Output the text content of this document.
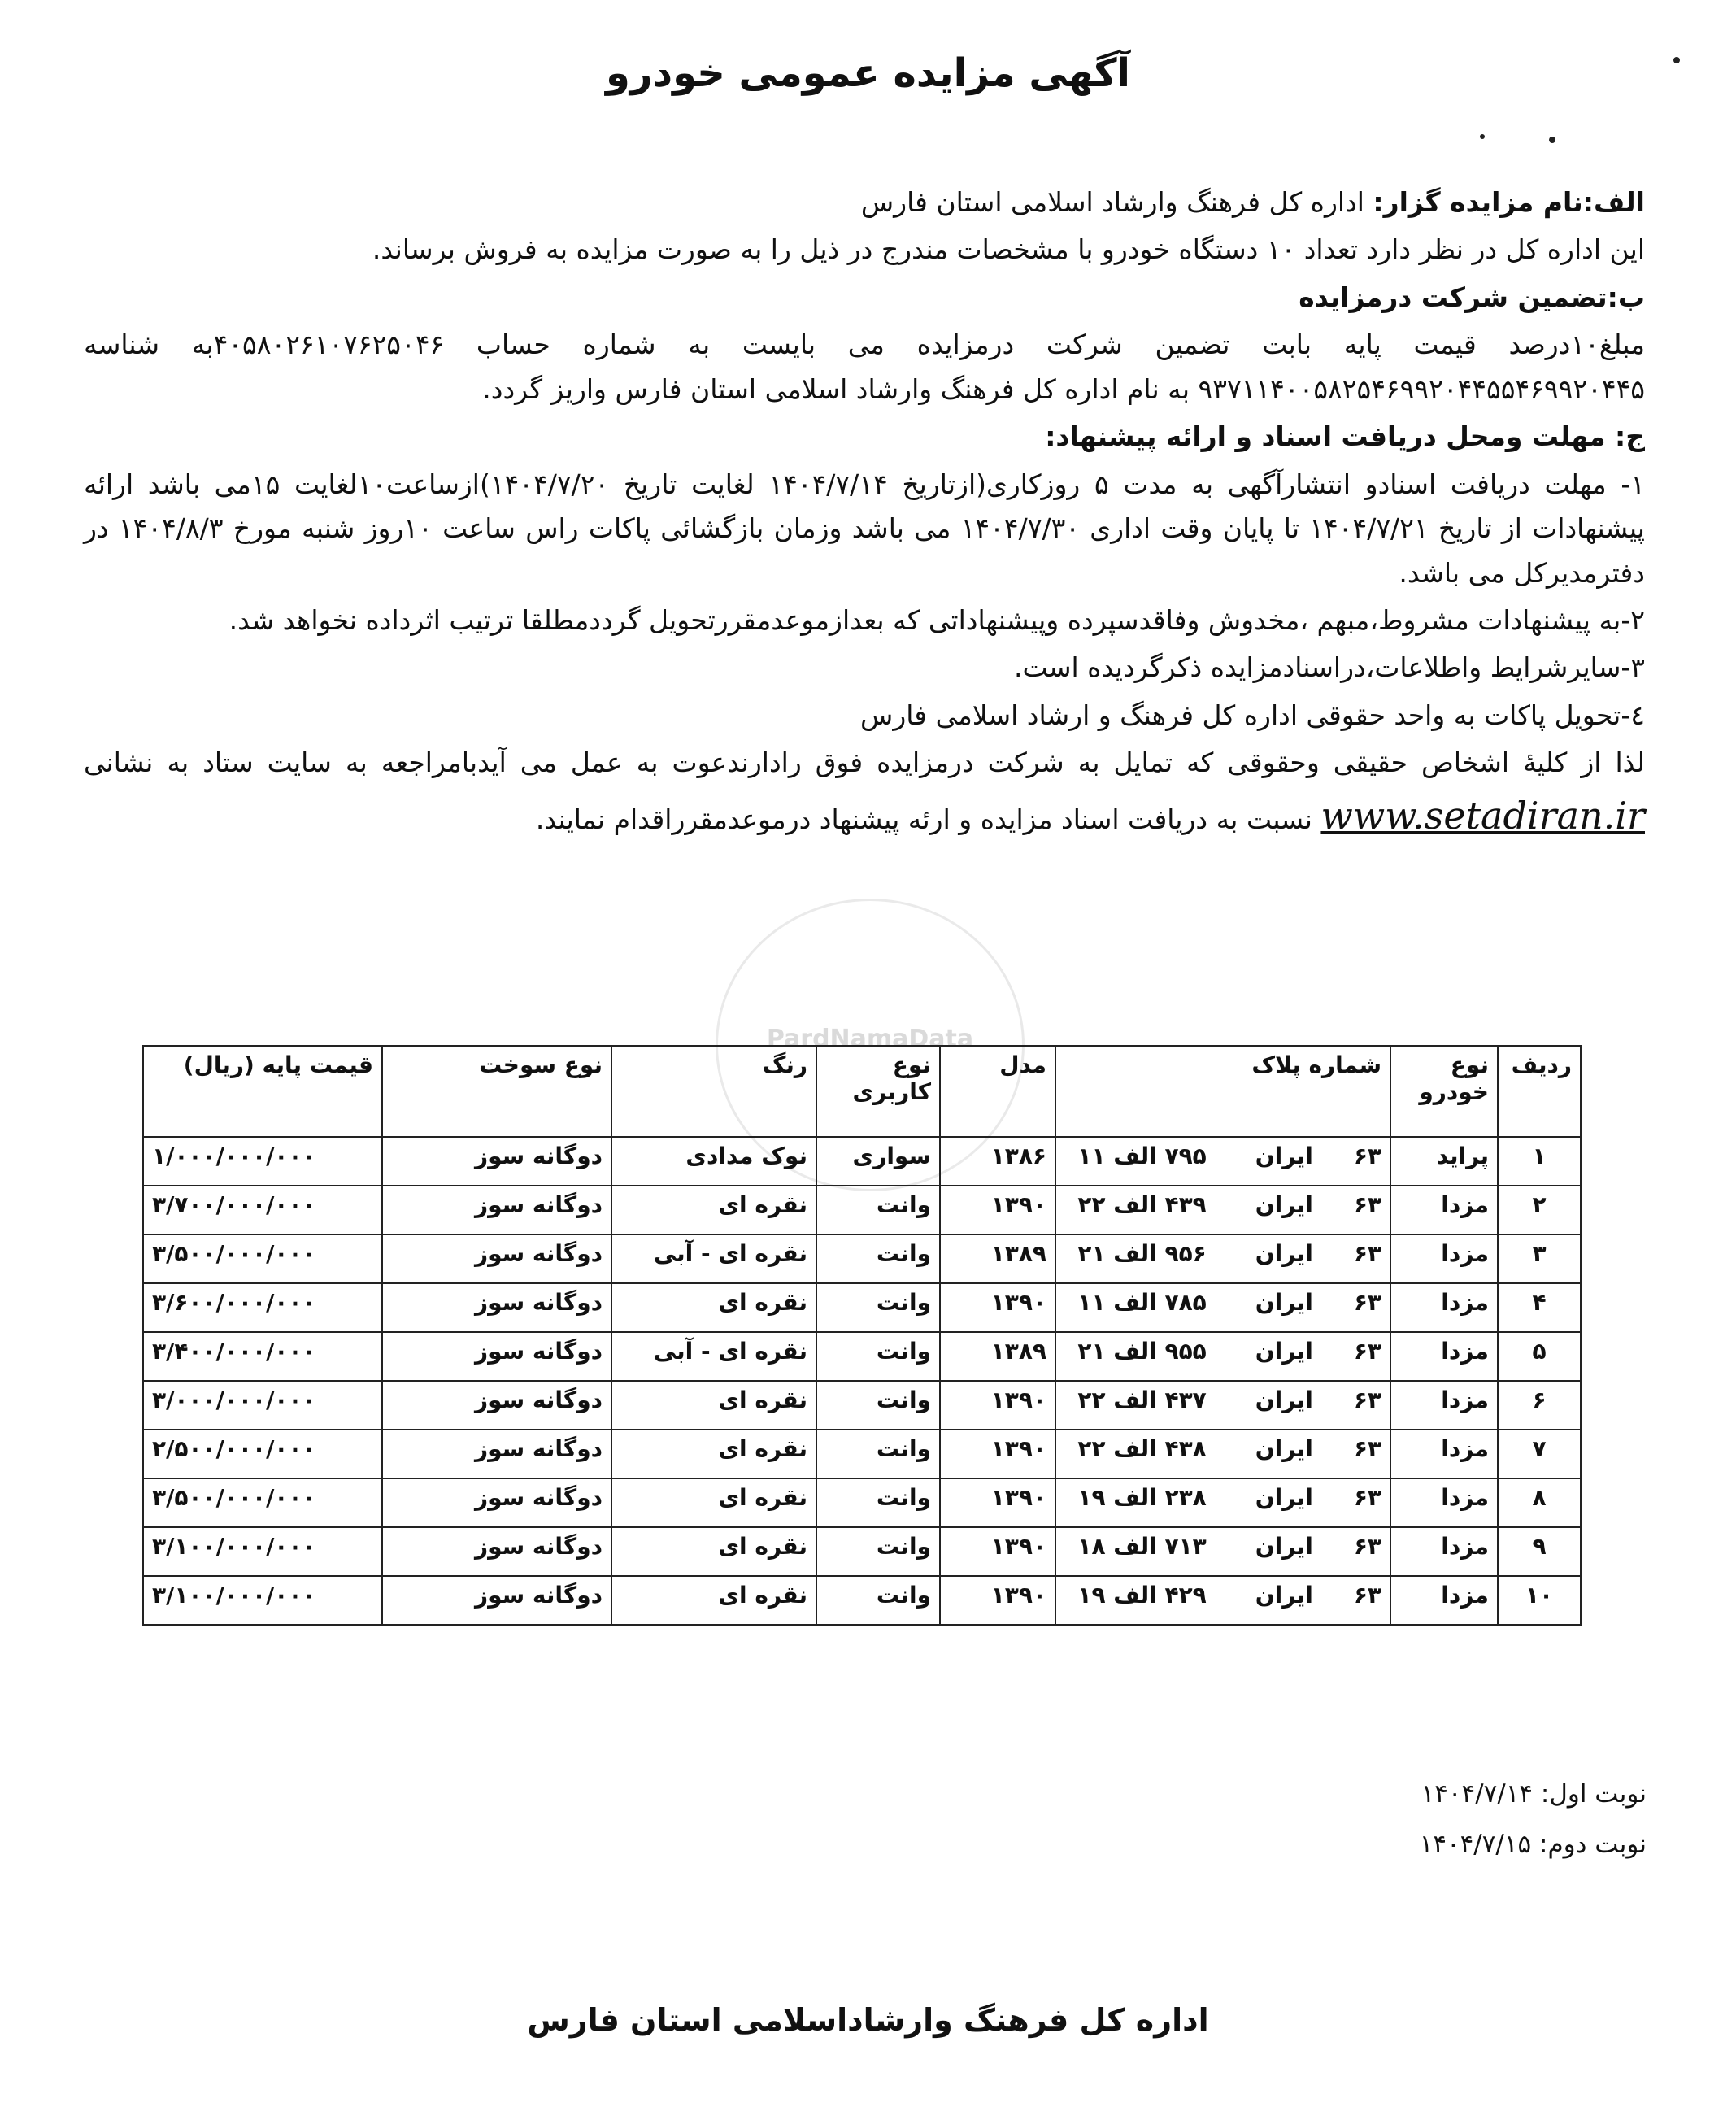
آگهی مزایده عمومی خودرو
PardNamaData

الف:نام مزایده گزار: اداره کل فرهنگ وارشاد اسلامی استان فارس

این اداره کل در نظر دارد تعداد ۱۰ دستگاه خودرو با مشخصات مندرج در ذیل را به صورت مزایده به فروش برساند.

ب:تضمین شرکت درمزایده

مبلغ۱۰درصد قیمت پایه بابت تضمین شرکت درمزایده می بایست به شماره حساب ۴۰۵۸۰۲۶۱۰۷۶۲۵۰۴۶به شناسه ۹۳۷۱۱۴۰۰۵۸۲۵۴۶۹۹۲۰۴۴۵۵۴۶۹۹۲۰۴۴۵ به نام اداره کل فرهنگ وارشاد اسلامی استان فارس واریز گردد.

ج: مهلت ومحل دریافت اسناد و ارائه پیشنهاد:

۱- مهلت دریافت اسنادو انتشارآگهی به مدت ۵ روزکاری(ازتاریخ ۱۴۰۴/۷/۱۴ لغایت تاریخ ۱۴۰۴/۷/۲۰)ازساعت۱۰لغایت ۱۵می باشد ارائه پیشنهادات از تاریخ ۱۴۰۴/۷/۲۱ تا پایان وقت اداری ۱۴۰۴/۷/۳۰ می باشد وزمان بازگشائی پاکات راس ساعت ۱۰روز شنبه مورخ ۱۴۰۴/۸/۳ در دفترمدیرکل می باشد.

۲-به پیشنهادات مشروط،مبهم ،مخدوش وفاقدسپرده وپیشنهاداتی که بعدازموعدمقررتحویل گرددمطلقا ترتیب اثرداده نخواهد شد.

۳-سایرشرایط واطلاعات،دراسنادمزایده ذکرگردیده است.

٤-تحویل پاکات به واحد حقوقی اداره کل فرهنگ و ارشاد اسلامی فارس

لذا از کلیهٔ اشخاص حقیقی وحقوقی که تمایل به شرکت درمزایده فوق رادارندعوت به عمل می آیدبامراجعه به سایت ستاد به نشانی www.setadiran.ir نسبت به دریافت اسناد مزایده و ارئه پیشنهاد درموعدمقرراقدام نمایند.

ردیف	نوع خودرو	شماره پلاک	مدل	نوع کاربری	رنگ	نوع سوخت	قیمت پایه (ریال)
۱	پراید	۶۳ایران۷۹۵ الف ۱۱	۱۳۸۶	سواری	نوک مدادی	دوگانه سوز	۱/۰۰۰/۰۰۰/۰۰۰
۲	مزدا	۶۳ایران۴۳۹ الف ۲۲	۱۳۹۰	وانت	نقره ای	دوگانه سوز	۳/۷۰۰/۰۰۰/۰۰۰
۳	مزدا	۶۳ایران۹۵۶ الف ۲۱	۱۳۸۹	وانت	نقره ای - آبی	دوگانه سوز	۳/۵۰۰/۰۰۰/۰۰۰
۴	مزدا	۶۳ایران۷۸۵ الف ۱۱	۱۳۹۰	وانت	نقره ای	دوگانه سوز	۳/۶۰۰/۰۰۰/۰۰۰
۵	مزدا	۶۳ایران۹۵۵ الف ۲۱	۱۳۸۹	وانت	نقره ای - آبی	دوگانه سوز	۳/۴۰۰/۰۰۰/۰۰۰
۶	مزدا	۶۳ایران۴۳۷ الف ۲۲	۱۳۹۰	وانت	نقره ای	دوگانه سوز	۳/۰۰۰/۰۰۰/۰۰۰
۷	مزدا	۶۳ایران۴۳۸ الف ۲۲	۱۳۹۰	وانت	نقره ای	دوگانه سوز	۲/۵۰۰/۰۰۰/۰۰۰
۸	مزدا	۶۳ایران۲۳۸ الف ۱۹	۱۳۹۰	وانت	نقره ای	دوگانه سوز	۳/۵۰۰/۰۰۰/۰۰۰
۹	مزدا	۶۳ایران۷۱۳ الف ۱۸	۱۳۹۰	وانت	نقره ای	دوگانه سوز	۳/۱۰۰/۰۰۰/۰۰۰
۱۰	مزدا	۶۳ایران۴۲۹ الف ۱۹	۱۳۹۰	وانت	نقره ای	دوگانه سوز	۳/۱۰۰/۰۰۰/۰۰۰
نوبت اول: ۱۴۰۴/۷/۱۴
نوبت دوم: ۱۴۰۴/۷/۱۵
اداره کل فرهنگ وارشاداسلامی استان فارس
